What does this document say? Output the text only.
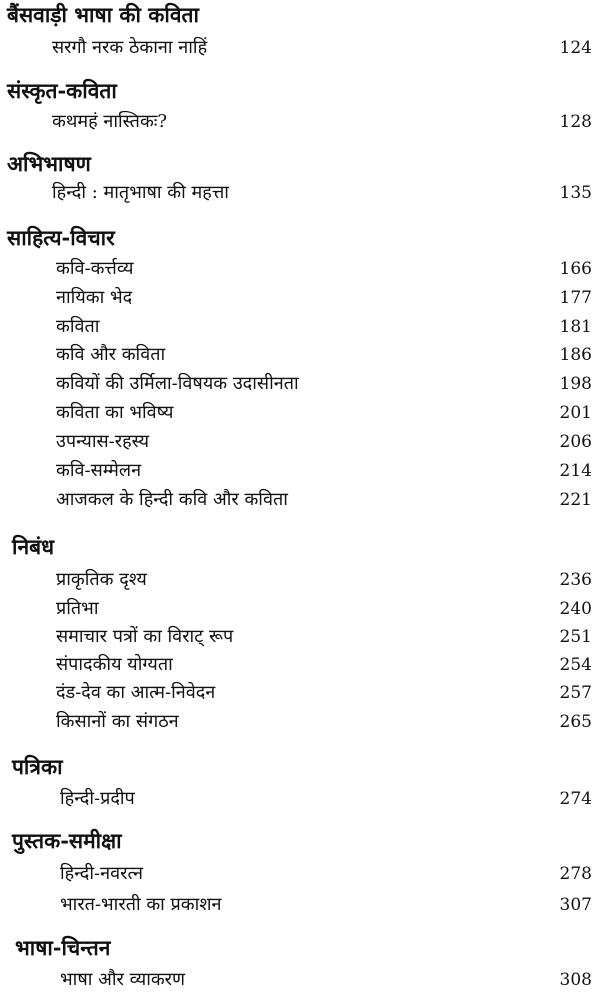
बैंसवाड़ी भाषा की कविता
सरगौ नरक ठेकाना नाहिं	124
संस्कृत-कविता
कथमहं नास्तिकः?	128
अभिभाषण
हिन्दी : मातृभाषा की महत्ता	135
साहित्य-विचार
कवि-कर्त्तव्य	166
नायिका भेद	177
कविता	181
कवि और कविता	186
कवियों की उर्मिला-विषयक उदासीनता	198
कविता का भविष्य	201
उपन्यास-रहस्य	206
कवि-सम्मेलन	214
आजकल के हिन्दी कवि और कविता	221
निबंध
प्राकृतिक दृश्य	236
प्रतिभा	240
समाचार पत्रों का विराट् रूप	251
संपादकीय योग्यता	254
दंड-देव का आत्म-निवेदन	257
किसानों का संगठन	265
पत्रिका
हिन्दी-प्रदीप	274
पुस्तक-समीक्षा
हिन्दी-नवरत्न	278
भारत-भारती का प्रकाशन	307
भाषा-चिन्तन
भाषा और व्याकरण	308
